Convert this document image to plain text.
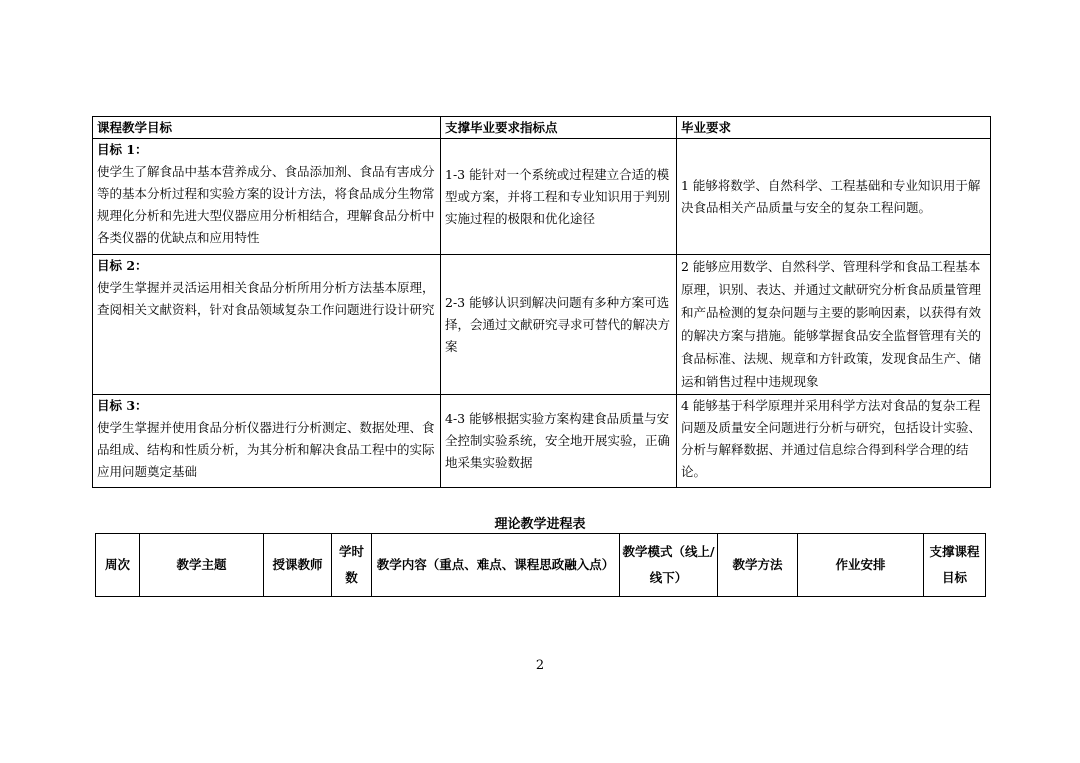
课程教学目标	支撑毕业要求指标点	毕业要求

目标 1：
使学生了解食品中基本营养成分、食品添加剂、食品有害成分等的基本分析过程和实验方案的设计方法，将食品成分生物常规理化分析和先进大型仪器应用分析相结合，理解食品分析中各类仪器的优缺点和应用特性	1-3 能针对一个系统或过程建立合适的模型或方案，并将工程和专业知识用于判别实施过程的极限和优化途径	1 能够将数学、自然科学、工程基础和专业知识用于解决食品相关产品质量与安全的复杂工程问题。

目标 2：
使学生掌握并灵活运用相关食品分析所用分析方法基本原理，查阅相关文献资料，针对食品领域复杂工作问题进行设计研究	2-3 能够认识到解决问题有多种方案可选择，会通过文献研究寻求可替代的解决方案	2 能够应用数学、自然科学、管理科学和食品工程基本原理，识别、表达、并通过文献研究分析食品质量管理和产品检测的复杂问题与主要的影响因素，以获得有效的解决方案与措施。能够掌握食品安全监督管理有关的食品标准、法规、规章和方针政策，发现食品生产、储运和销售过程中违规现象

目标 3：
使学生掌握并使用食品分析仪器进行分析测定、数据处理、食品组成、结构和性质分析，为其分析和解决食品工程中的实际应用问题奠定基础	4-3 能够根据实验方案构建食品质量与安全控制实验系统，安全地开展实验，正确地采集实验数据	4 能够基于科学原理并采用科学方法对食品的复杂工程问题及质量安全问题进行分析与研究，包括设计实验、分析与解释数据、并通过信息综合得到科学合理的结论。
理论教学进程表
周次	教学主题	授课教师	学时数	教学内容（重点、难点、课程思政融入点）	教学模式（线上/线下）	教学方法	作业安排	支撑课程目标
2
